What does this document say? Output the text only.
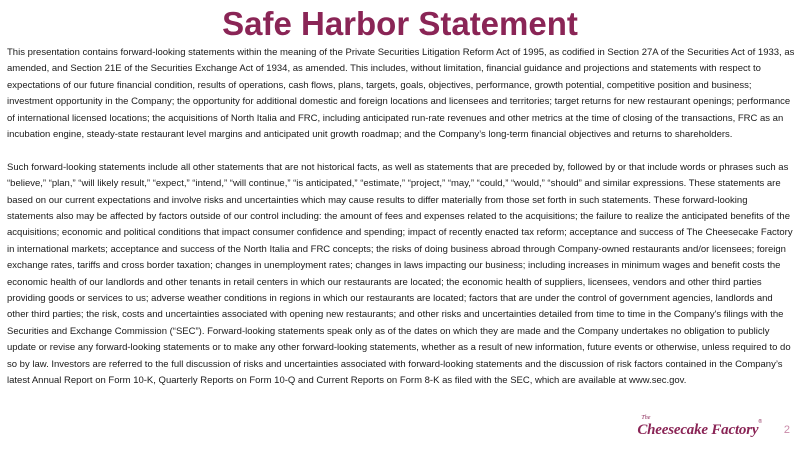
Safe Harbor Statement

This presentation contains forward-looking statements within the meaning of the Private Securities Litigation Reform Act of 1995, as codified in Section 27A of the Securities Act of 1933, as amended, and Section 21E of the Securities Exchange Act of 1934, as amended. This includes, without limitation, financial guidance and projections and statements with respect to expectations of our future financial condition, results of operations, cash flows, plans, targets, goals, objectives, performance, growth potential, competitive position and business; investment opportunity in the Company; the opportunity for additional domestic and foreign locations and licensees and territories; target returns for new restaurant openings; performance of international licensed locations; the acquisitions of North Italia and FRC, including anticipated run-rate revenues and other metrics at the time of closing of the transactions, FRC as an incubation engine, steady-state restaurant level margins and anticipated unit growth roadmap; and the Company’s long-term financial objectives and returns to shareholders.

Such forward-looking statements include all other statements that are not historical facts, as well as statements that are preceded by, followed by or that include words or phrases such as “believe,” “plan,” “will likely result,” “expect,” “intend,” “will continue,” “is anticipated,” “estimate,” “project,” “may,” “could,” “would,” “should” and similar expressions. These statements are based on our current expectations and involve risks and uncertainties which may cause results to differ materially from those set forth in such statements. These forward-looking statements also may be affected by factors outside of our control including: the amount of fees and expenses related to the acquisitions; the failure to realize the anticipated benefits of the acquisitions; economic and political conditions that impact consumer confidence and spending; impact of recently enacted tax reform; acceptance and success of The Cheesecake Factory in international markets; acceptance and success of the North Italia and FRC concepts; the risks of doing business abroad through Company-owned restaurants and/or licensees; foreign exchange rates, tariffs and cross border taxation; changes in unemployment rates; changes in laws impacting our business; including increases in minimum wages and benefit costs the economic health of our landlords and other tenants in retail centers in which our restaurants are located; the economic health of suppliers, licensees, vendors and other third parties providing goods or services to us; adverse weather conditions in regions in which our restaurants are located; factors that are under the control of government agencies, landlords and other third parties; the risk, costs and uncertainties associated with opening new restaurants; and other risks and uncertainties detailed from time to time in the Company's filings with the Securities and Exchange Commission (“SEC”). Forward-looking statements speak only as of the dates on which they are made and the Company undertakes no obligation to publicly update or revise any forward-looking statements or to make any other forward-looking statements, whether as a result of new information, future events or otherwise, unless required to do so by law. Investors are referred to the full discussion of risks and uncertainties associated with forward-looking statements and the discussion of risk factors contained in the Company’s latest Annual Report on Form 10-K, Quarterly Reports on Form 10-Q and Current Reports on Form 8-K as filed with the SEC, which are available at www.sec.gov.

The
Cheesecake Factory ®
2
